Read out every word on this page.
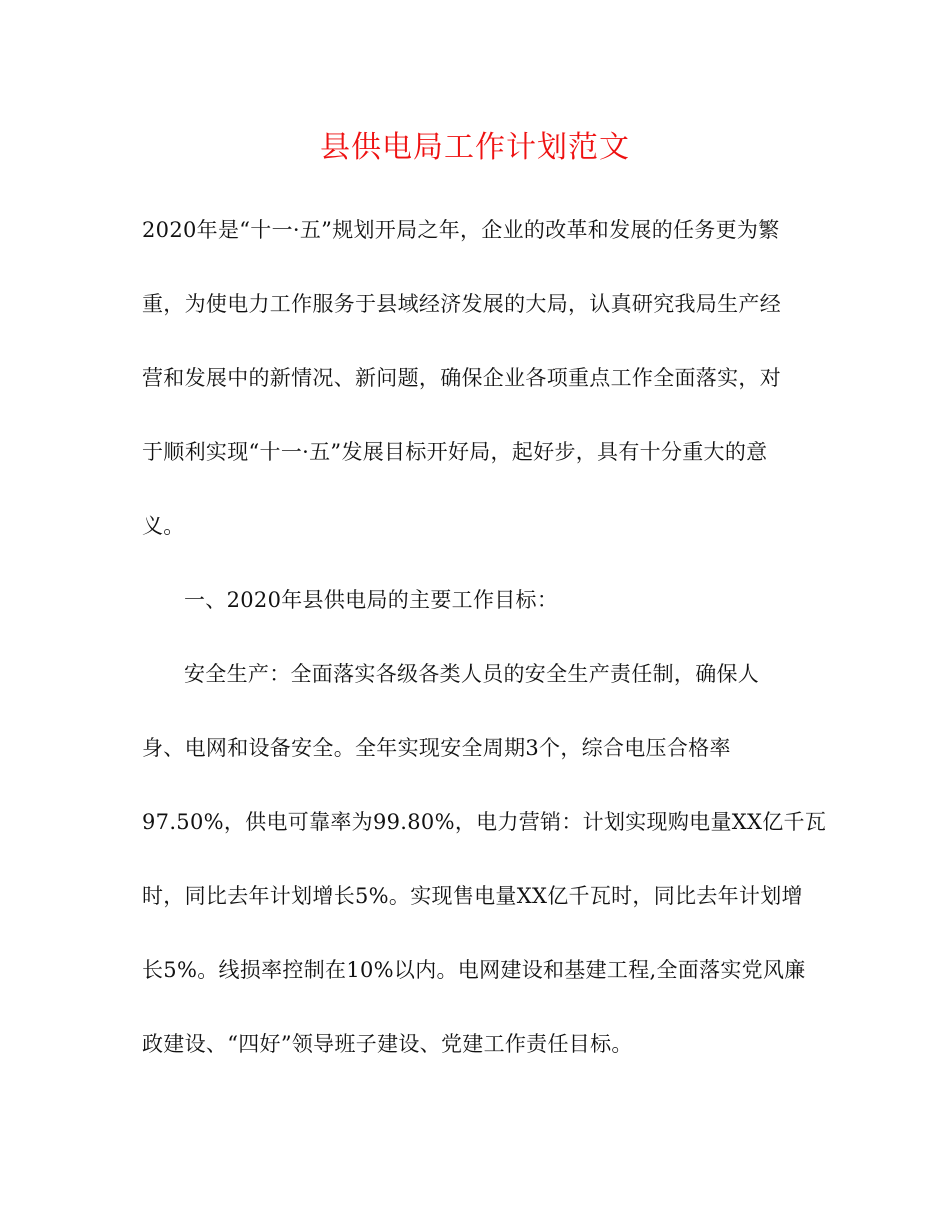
县供电局工作计划范文
2020年是“十一·五”规划开局之年，企业的改革和发展的任务更为繁
重，为使电力工作服务于县域经济发展的大局，认真研究我局生产经
营和发展中的新情况、新问题，确保企业各项重点工作全面落实，对
于顺利实现“十一·五”发展目标开好局，起好步，具有十分重大的意
义。
一、2020年县供电局的主要工作目标：
安全生产：全面落实各级各类人员的安全生产责任制，确保人
身、电网和设备安全。全年实现安全周期3个，综合电压合格率
97.50%，供电可靠率为99.80%，电力营销：计划实现购电量XX亿千瓦
时，同比去年计划增长5%。实现售电量XX亿千瓦时，同比去年计划增
长5%。线损率控制在10%以内。电网建设和基建工程,全面落实党风廉
政建设、“四好”领导班子建设、党建工作责任目标。
